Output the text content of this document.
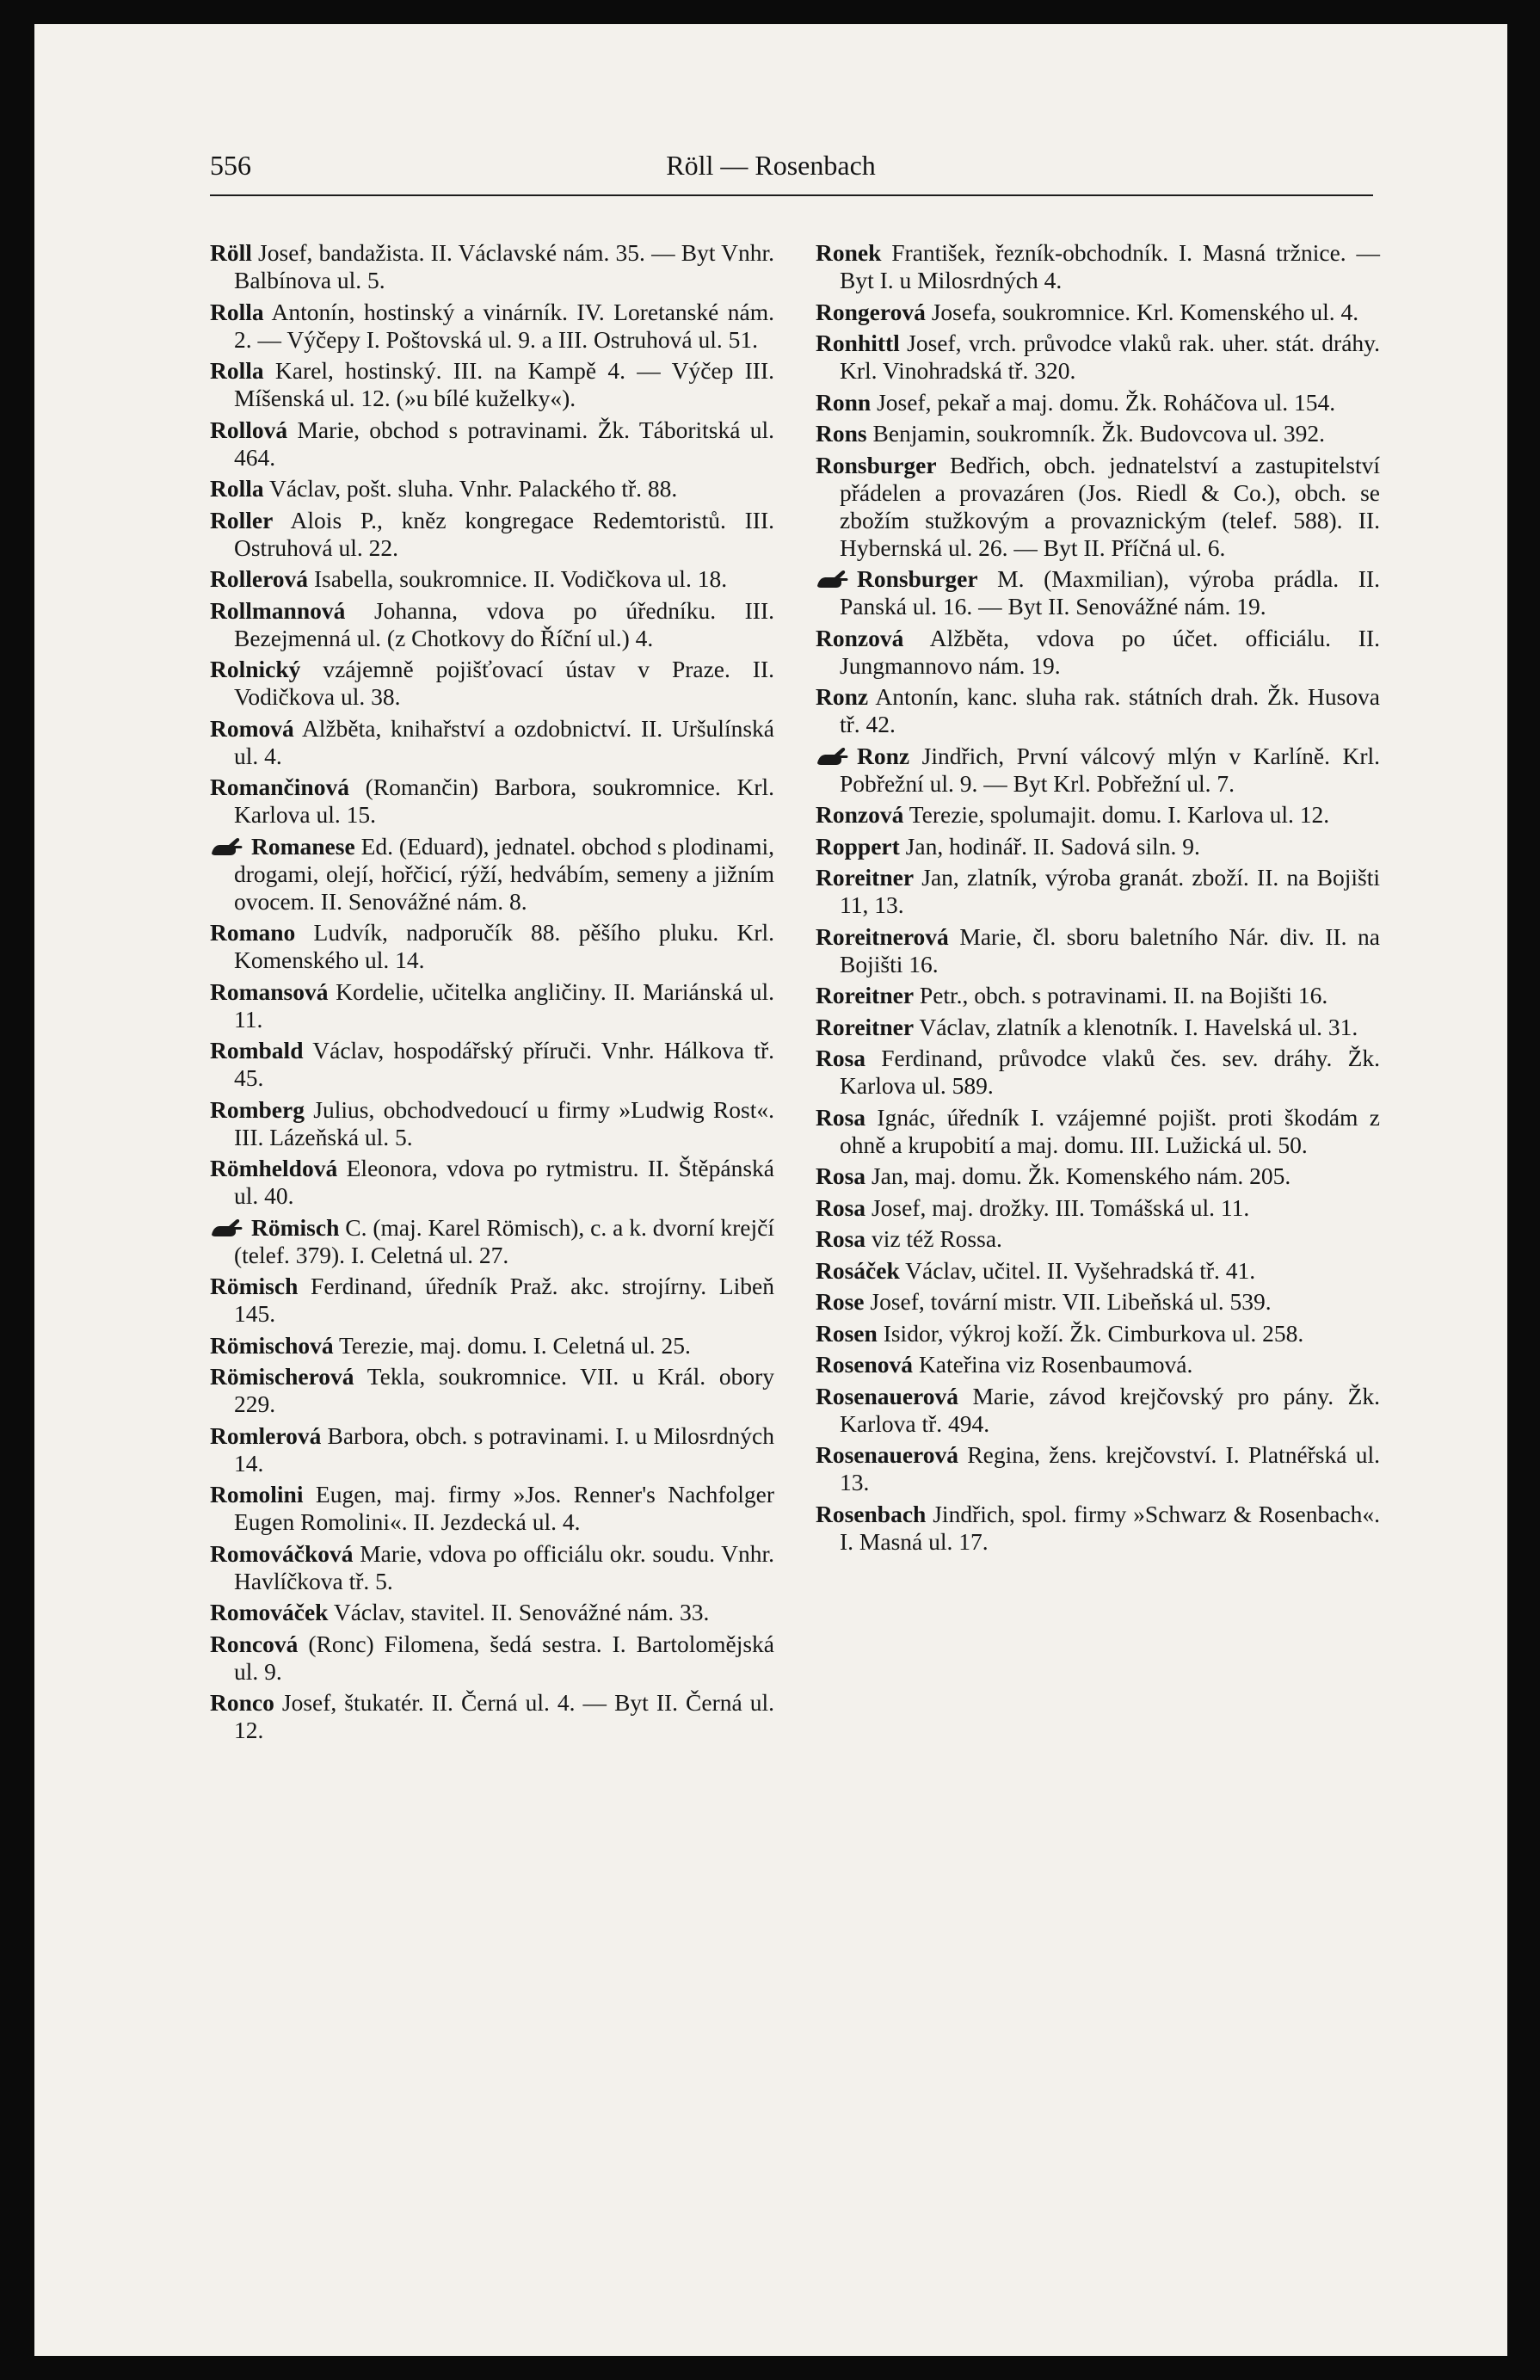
556	Röll — Rosenbach

Röll Josef, bandažista. II. Václavské nám. 35. — Byt Vnhr. Balbínova ul. 5.

Rolla Antonín, hostinský a vinárník. IV. Loretanské nám. 2. — Výčepy I. Poštovská ul. 9. a III. Ostruhová ul. 51.

Rolla Karel, hostinský. III. na Kampě 4. — Výčep III. Míšenská ul. 12. (»u bílé kuželky«).

Rollová Marie, obchod s potravinami. Žk. Táboritská ul. 464.

Rolla Václav, pošt. sluha. Vnhr. Palackého tř. 88.

Roller Alois P., kněz kongregace Redemtoristů. III. Ostruhová ul. 22.

Rollerová Isabella, soukromnice. II. Vodičkova ul. 18.

Rollmannová Johanna, vdova po úředníku. III. Bezejmenná ul. (z Chotkovy do Říční ul.) 4.

Rolnický vzájemně pojišťovací ústav v Praze. II. Vodičkova ul. 38.

Romová Alžběta, knihařství a ozdobnictví. II. Uršulínská ul. 4.

Romančinová (Romančin) Barbora, soukromnice. Krl. Karlova ul. 15.

Romanese Ed. (Eduard), jednatel. obchod s plodinami, drogami, olejí, hořčicí, rýží, hedvábím, semeny a jižním ovocem. II. Senovážné nám. 8.

Romano Ludvík, nadporučík 88. pěšího pluku. Krl. Komenského ul. 14.

Romansová Kordelie, učitelka angličiny. II. Mariánská ul. 11.

Rombald Václav, hospodářský příruči. Vnhr. Hálkova tř. 45.

Romberg Julius, obchodvedoucí u firmy »Ludwig Rost«. III. Lázeňská ul. 5.

Römheldová Eleonora, vdova po rytmistru. II. Štěpánská ul. 40.

Römisch C. (maj. Karel Römisch), c. a k. dvorní krejčí (telef. 379). I. Celetná ul. 27.

Römisch Ferdinand, úředník Praž. akc. strojírny. Libeň 145.

Römischová Terezie, maj. domu. I. Celetná ul. 25.

Römischerová Tekla, soukromnice. VII. u Král. obory 229.

Romlerová Barbora, obch. s potravinami. I. u Milosrdných 14.

Romolini Eugen, maj. firmy »Jos. Renner's Nachfolger Eugen Romolini«. II. Jezdecká ul. 4.

Romováčková Marie, vdova po officiálu okr. soudu. Vnhr. Havlíčkova tř. 5.

Romováček Václav, stavitel. II. Senovážné nám. 33.

Roncová (Ronc) Filomena, šedá sestra. I. Bartolomějská ul. 9.

Ronco Josef, štukatér. II. Černá ul. 4. — Byt II. Černá ul. 12.

Ronek František, řezník-obchodník. I. Masná tržnice. — Byt I. u Milosrdných 4.

Rongerová Josefa, soukromnice. Krl. Komenského ul. 4.

Ronhittl Josef, vrch. průvodce vlaků rak. uher. stát. dráhy. Krl. Vinohradská tř. 320.

Ronn Josef, pekař a maj. domu. Žk. Roháčova ul. 154.

Rons Benjamin, soukromník. Žk. Budovcova ul. 392.

Ronsburger Bedřich, obch. jednatelství a zastupitelství přádelen a provazáren (Jos. Riedl & Co.), obch. se zbožím stužkovým a provaznickým (telef. 588). II. Hybernská ul. 26. — Byt II. Příčná ul. 6.

Ronsburger M. (Maxmilian), výroba prádla. II. Panská ul. 16. — Byt II. Senovážné nám. 19.

Ronzová Alžběta, vdova po účet. officiálu. II. Jungmannovo nám. 19.

Ronz Antonín, kanc. sluha rak. státních drah. Žk. Husova tř. 42.

Ronz Jindřich, První válcový mlýn v Karlíně. Krl. Pobřežní ul. 9. — Byt Krl. Pobřežní ul. 7.

Ronzová Terezie, spolumajit. domu. I. Karlova ul. 12.

Roppert Jan, hodinář. II. Sadová siln. 9.

Roreitner Jan, zlatník, výroba granát. zboží. II. na Bojišti 11, 13.

Roreitnerová Marie, čl. sboru baletního Nár. div. II. na Bojišti 16.

Roreitner Petr., obch. s potravinami. II. na Bojišti 16.

Roreitner Václav, zlatník a klenotník. I. Havelská ul. 31.

Rosa Ferdinand, průvodce vlaků čes. sev. dráhy. Žk. Karlova ul. 589.

Rosa Ignác, úředník I. vzájemné pojišt. proti škodám z ohně a krupobití a maj. domu. III. Lužická ul. 50.

Rosa Jan, maj. domu. Žk. Komenského nám. 205.

Rosa Josef, maj. drožky. III. Tomášská ul. 11.

Rosa viz též Rossa.

Rosáček Václav, učitel. II. Vyšehradská tř. 41.

Rose Josef, tovární mistr. VII. Libeňská ul. 539.

Rosen Isidor, výkroj koží. Žk. Cimburkova ul. 258.

Rosenová Kateřina viz Rosenbaumová.

Rosenauerová Marie, závod krejčovský pro pány. Žk. Karlova tř. 494.

Rosenauerová Regina, žens. krejčovství. I. Platnéřská ul. 13.

Rosenbach Jindřich, spol. firmy »Schwarz & Rosenbach«. I. Masná ul. 17.
